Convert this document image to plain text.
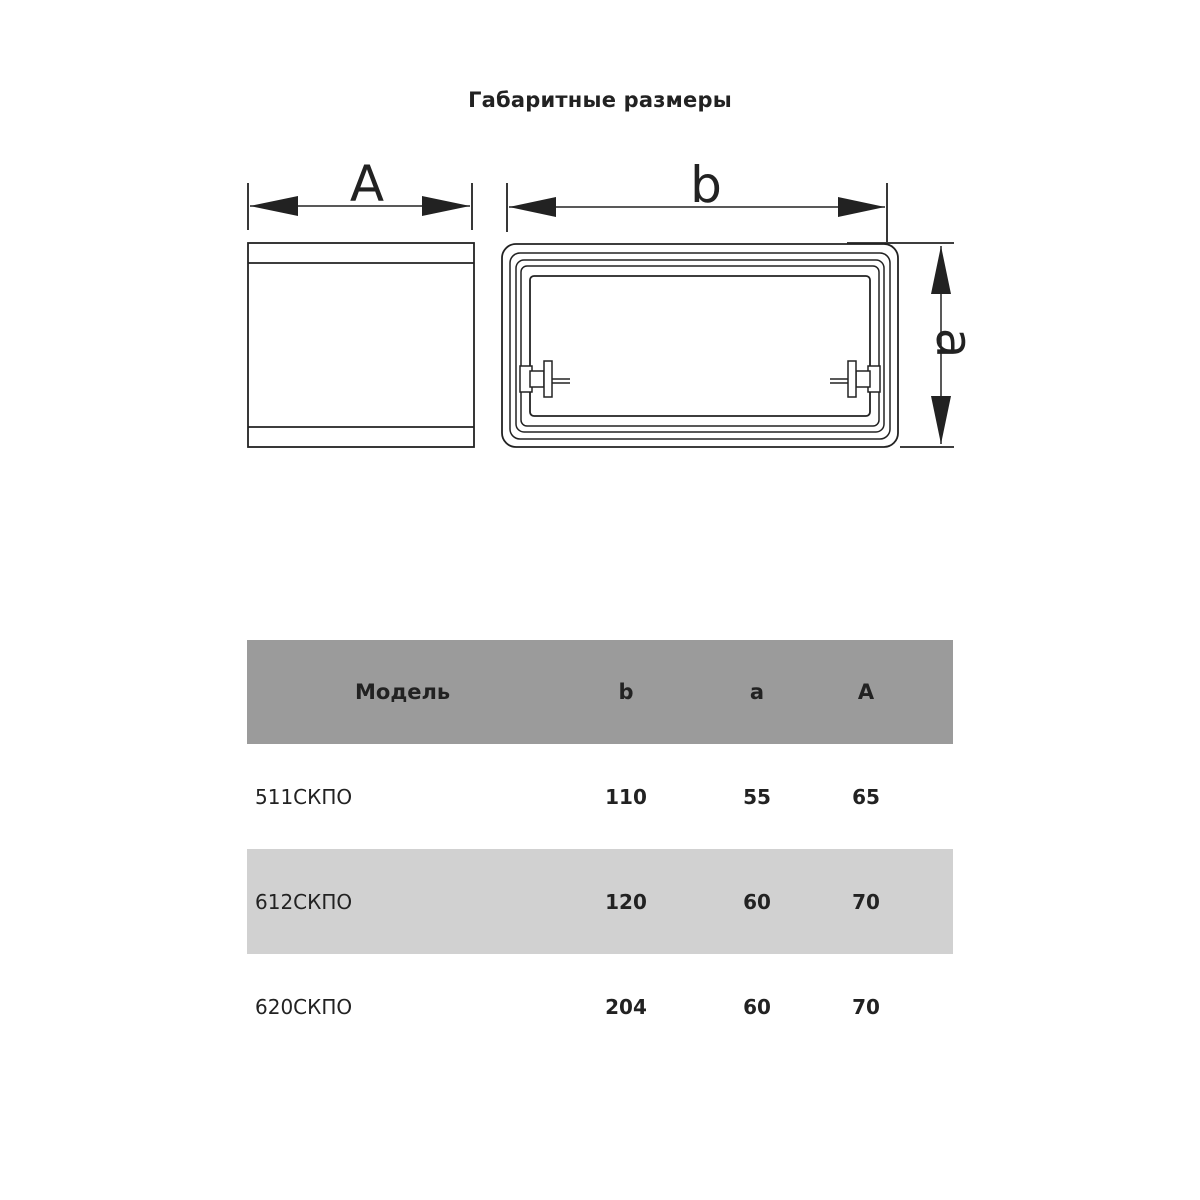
Габаритные размеры
A	b
a
Модель	b	a	A
511СКПО	110	55	65
612СКПО	120	60	70
620СКПО	204	60	70
